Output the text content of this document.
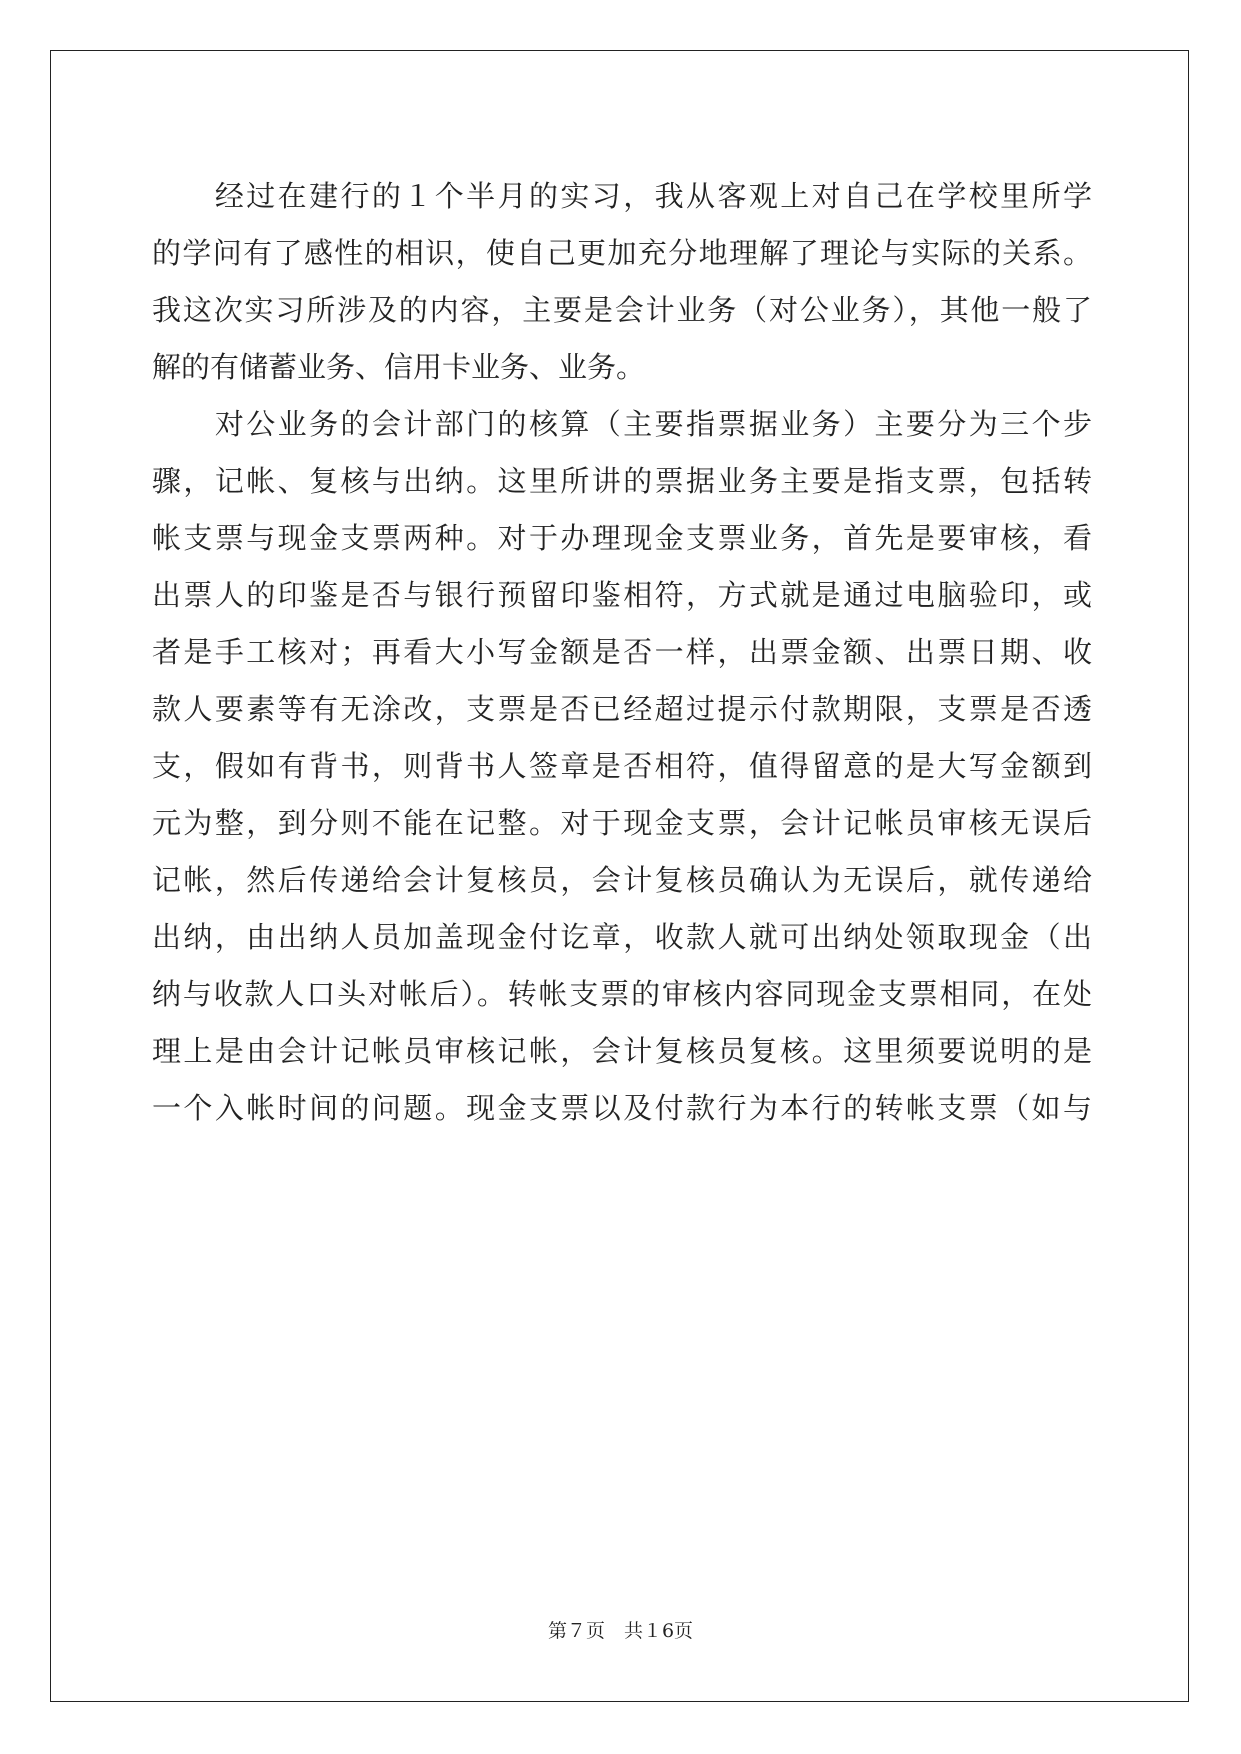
　　经过在建行的１个半月的实习，我从客观上对自己在学校里所学
的学问有了感性的相识，使自己更加充分地理解了理论与实际的关系。
我这次实习所涉及的内容，主要是会计业务（对公业务），其他一般了
解的有储蓄业务、信用卡业务、业务。
　　对公业务的会计部门的核算（主要指票据业务）主要分为三个步
骤，记帐、复核与出纳。这里所讲的票据业务主要是指支票，包括转
帐支票与现金支票两种。对于办理现金支票业务，首先是要审核，看
出票人的印鉴是否与银行预留印鉴相符，方式就是通过电脑验印，或
者是手工核对；再看大小写金额是否一样，出票金额、出票日期、收
款人要素等有无涂改，支票是否已经超过提示付款期限，支票是否透
支，假如有背书，则背书人签章是否相符，值得留意的是大写金额到
元为整，到分则不能在记整。对于现金支票，会计记帐员审核无误后
记帐，然后传递给会计复核员，会计复核员确认为无误后，就传递给
出纳，由出纳人员加盖现金付讫章，收款人就可出纳处领取现金（出
纳与收款人口头对帐后）。转帐支票的审核内容同现金支票相同，在处
理上是由会计记帐员审核记帐，会计复核员复核。这里须要说明的是
一个入帐时间的问题。现金支票以及付款行为本行的转帐支票（如与
第７页　共１6页
